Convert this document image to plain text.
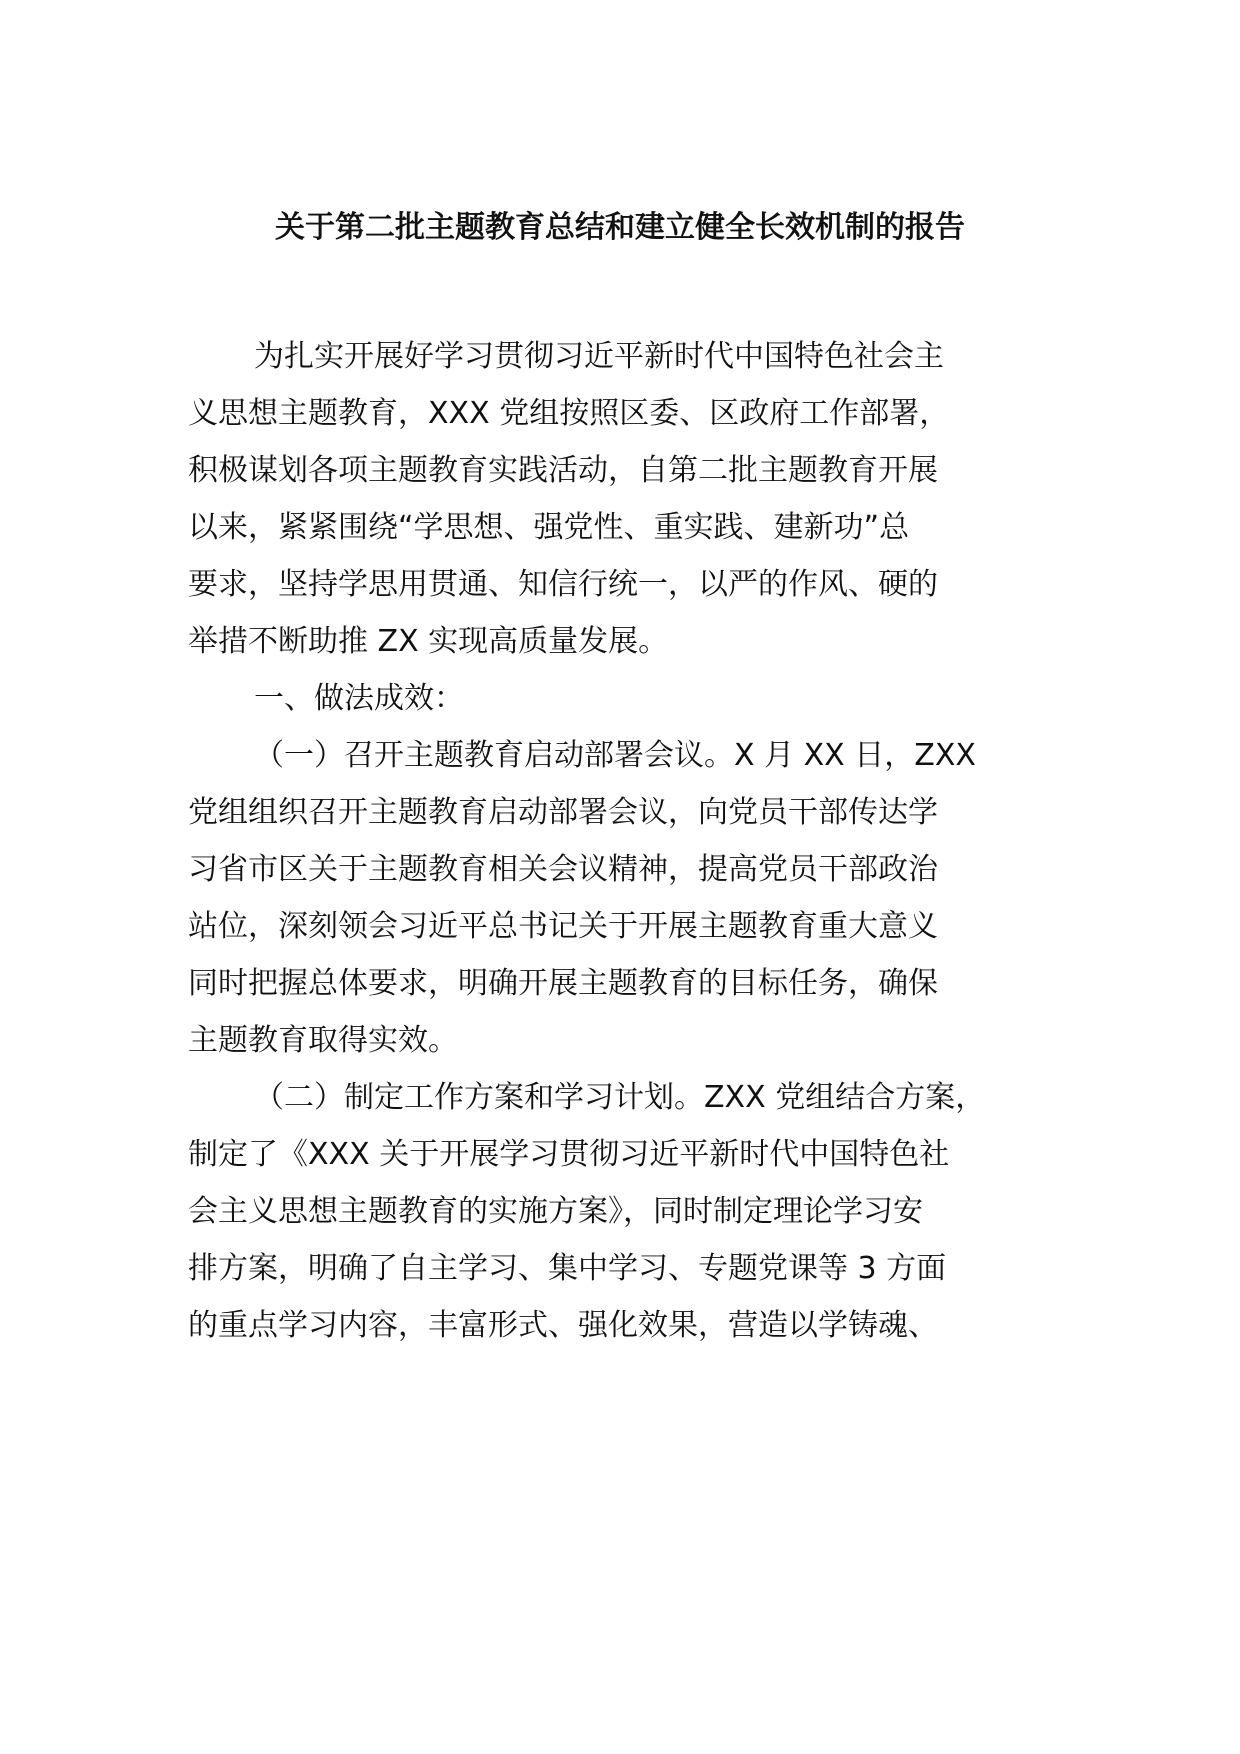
关于第二批主题教育总结和建立健全长效机制的报告
为扎实开展好学习贯彻习近平新时代中国特色社会主
义思想主题教育，XXX 党组按照区委、区政府工作部署，
积极谋划各项主题教育实践活动，自第二批主题教育开展
以来，紧紧围绕“学思想、强党性、重实践、建新功”总
要求，坚持学思用贯通、知信行统一，以严的作风、硬的
举措不断助推 ZX 实现高质量发展。
一、做法成效：
（一）召开主题教育启动部署会议。X 月 XX 日，ZXX
党组组织召开主题教育启动部署会议，向党员干部传达学
习省市区关于主题教育相关会议精神，提高党员干部政治
站位，深刻领会习近平总书记关于开展主题教育重大意义
同时把握总体要求，明确开展主题教育的目标任务，确保
主题教育取得实效。
（二）制定工作方案和学习计划。ZXX 党组结合方案，
制定了《XXX 关于开展学习贯彻习近平新时代中国特色社
会主义思想主题教育的实施方案》，同时制定理论学习安
排方案，明确了自主学习、集中学习、专题党课等 3 方面
的重点学习内容，丰富形式、强化效果，营造以学铸魂、
